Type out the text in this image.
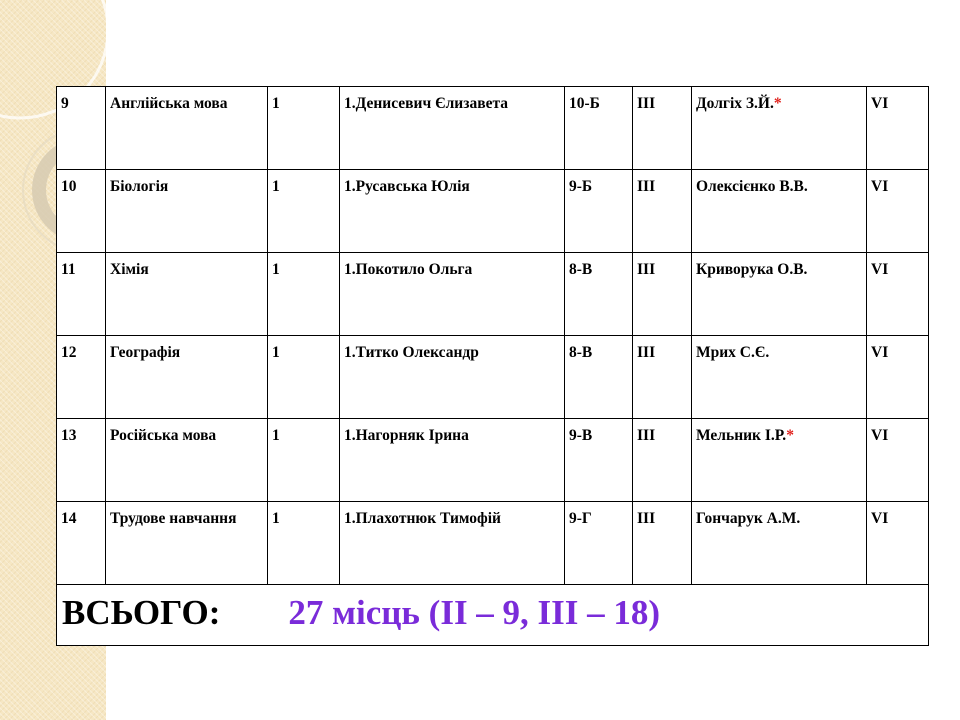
9	Англійська мова	1	1.Денисевич Єлизавета	10-Б	ІІІ	Долгіх З.Й.*	VІ
10	Біологія	1	1.Русавська Юлія	9-Б	ІІІ	Олексієнко В.В.	VІ
11	Хімія	1	1.Покотило Ольга	8-В	ІІІ	Криворука О.В.	VІ
12	Географія	1	1.Титко Олександр	8-В	ІІІ	Мрих С.Є.	VІ
13	Російська мова	1	1.Нагорняк Ірина	9-В	ІІІ	Мельник І.Р.*	VІ
14	Трудове навчання	1	1.Плахотнюк Тимофій	9-Г	ІІІ	Гончарук А.М.	VІ
ВСЬОГО: 27 місць (ІІ – 9, ІІІ – 18)							
